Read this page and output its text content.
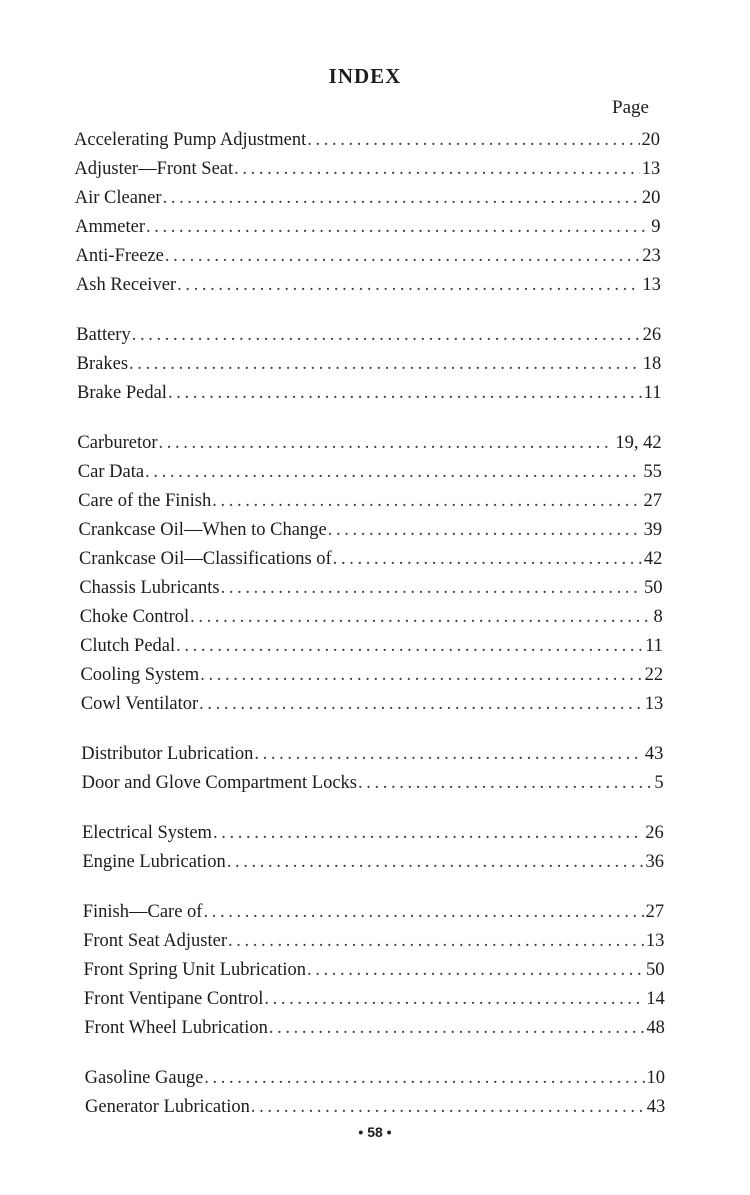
INDEX
Page
Accelerating Pump Adjustment . . .	20
Adjuster—Front Seat . . .	13
Air Cleaner . . .	20
Ammeter . . .	9
Anti-Freeze . . .	23
Ash Receiver . . .	13
Battery . . .	26
Brakes . . .	18
Brake Pedal . . .	11
Carburetor . . .	19, 42
Car Data . . .	55
Care of the Finish . . .	27
Crankcase Oil—When to Change . . .	39
Crankcase Oil—Classifications of . . .	42
Chassis Lubricants . . .	50
Choke Control . . .	8
Clutch Pedal . . .	11
Cooling System . . .	22
Cowl Ventilator . . .	13
Distributor Lubrication . . .	43
Door and Glove Compartment Locks . . .	5
Electrical System . . .	26
Engine Lubrication . . .	36
Finish—Care of . . .	27
Front Seat Adjuster . . .	13
Front Spring Unit Lubrication . . .	50
Front Ventipane Control . . .	14
Front Wheel Lubrication . . .	48
Gasoline Gauge . . .	10
Generator Lubrication . . .	43
• 58 •
